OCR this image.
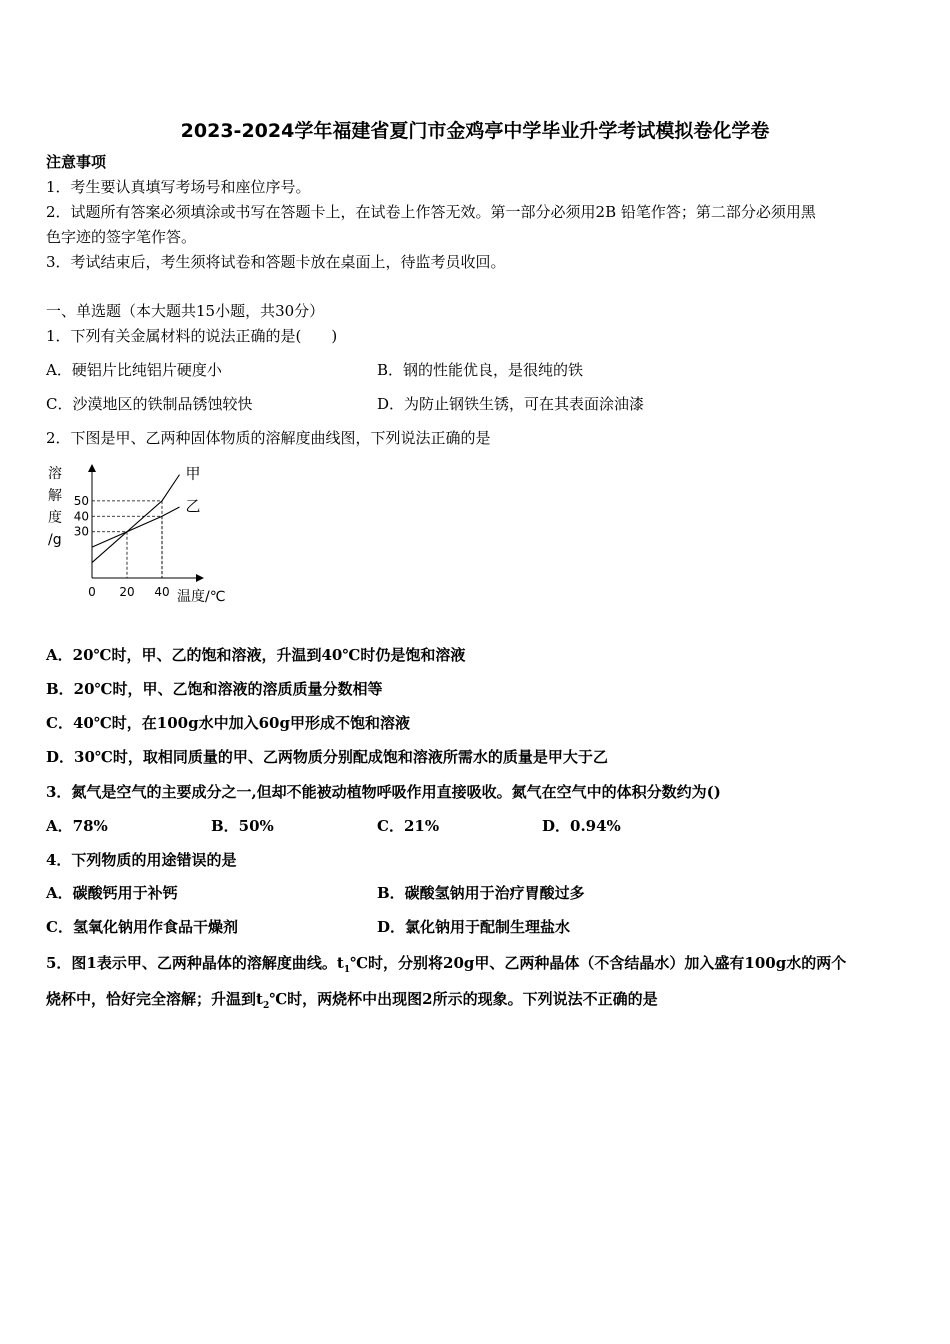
2023-2024学年福建省夏门市金鸡亭中学毕业升学考试模拟卷化学卷
注意事项
1．考生要认真填写考场号和座位序号。
2．试题所有答案必须填涂或书写在答题卡上，在试卷上作答无效。第一部分必须用2B 铅笔作答；第二部分必须用黑
色字迹的签字笔作答。
3．考试结束后，考生须将试卷和答题卡放在桌面上，待监考员收回。
一、单选题（本大题共15小题，共30分）
1．下列有关金属材料的说法正确的是(　　)
A．硬铝片比纯铝片硬度小	B．钢的性能优良，是很纯的铁
C．沙漠地区的铁制品锈蚀较快	D．为防止钢铁生锈，可在其表面涂油漆
2．下图是甲、乙两种固体物质的溶解度曲线图，下列说法正确的是
溶
解
度
/g
甲
乙
0 20 40
30
40
50
温度/℃
A．20℃时，甲、乙的饱和溶液，升温到40℃时仍是饱和溶液
B．20℃时，甲、乙饱和溶液的溶质质量分数相等
C．40℃时，在100g水中加入60g甲形成不饱和溶液
D．30℃时，取相同质量的甲、乙两物质分别配成饱和溶液所需水的质量是甲大于乙
3．氮气是空气的主要成分之一,但却不能被动植物呼吸作用直接吸收。氮气在空气中的体积分数约为()
A．78%	B．50%	C．21%	D．0.94%
4．下列物质的用途错误的是
A．碳酸钙用于补钙	B．碳酸氢钠用于治疗胃酸过多
C．氢氧化钠用作食品干燥剂	D．氯化钠用于配制生理盐水
5．图1表示甲、乙两种晶体的溶解度曲线。$t_1℃$时，分别将20g甲、乙两种晶体（不含结晶水）加入盛有100g水的两个
烧杯中，恰好完全溶解；升温到$t_2℃$时，两烧杯中出现图2所示的现象。下列说法不正确的是
